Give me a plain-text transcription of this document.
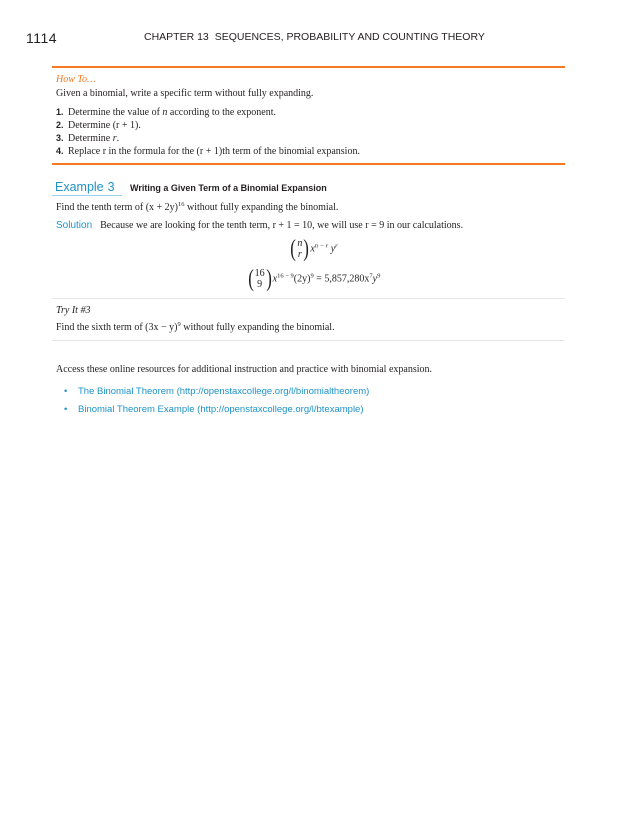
1114	CHAPTER 13 SEQUENCES, PROBABILITY AND COUNTING THEORY
How To…
Given a binomial, write a specific term without fully expanding.
1. Determine the value of n according to the exponent.
2. Determine (r + 1).
3. Determine r.
4. Replace r in the formula for the (r + 1)th term of the binomial expansion.
Example 3	Writing a Given Term of a Binomial Expansion
Find the tenth term of $(x + 2y)^{16}$ without fully expanding the binomial.
Solution Because we are looking for the tenth term, r + 1 = 10, we will use r = 9 in our calculations.
( n
r ) $x^{n - r}$ $y^r$
( 16
9 ) $x^{16 - 9}(2y)^9 = 5,857,280x^7y^9$
Try It #3
Find the sixth term of $(3x - y)^9$ without fully expanding the binomial.
Access these online resources for additional instruction and practice with binomial expansion.
• The Binomial Theorem (http://openstaxcollege.org/l/binomialtheorem)
• Binomial Theorem Example (http://openstaxcollege.org/l/btexample)
